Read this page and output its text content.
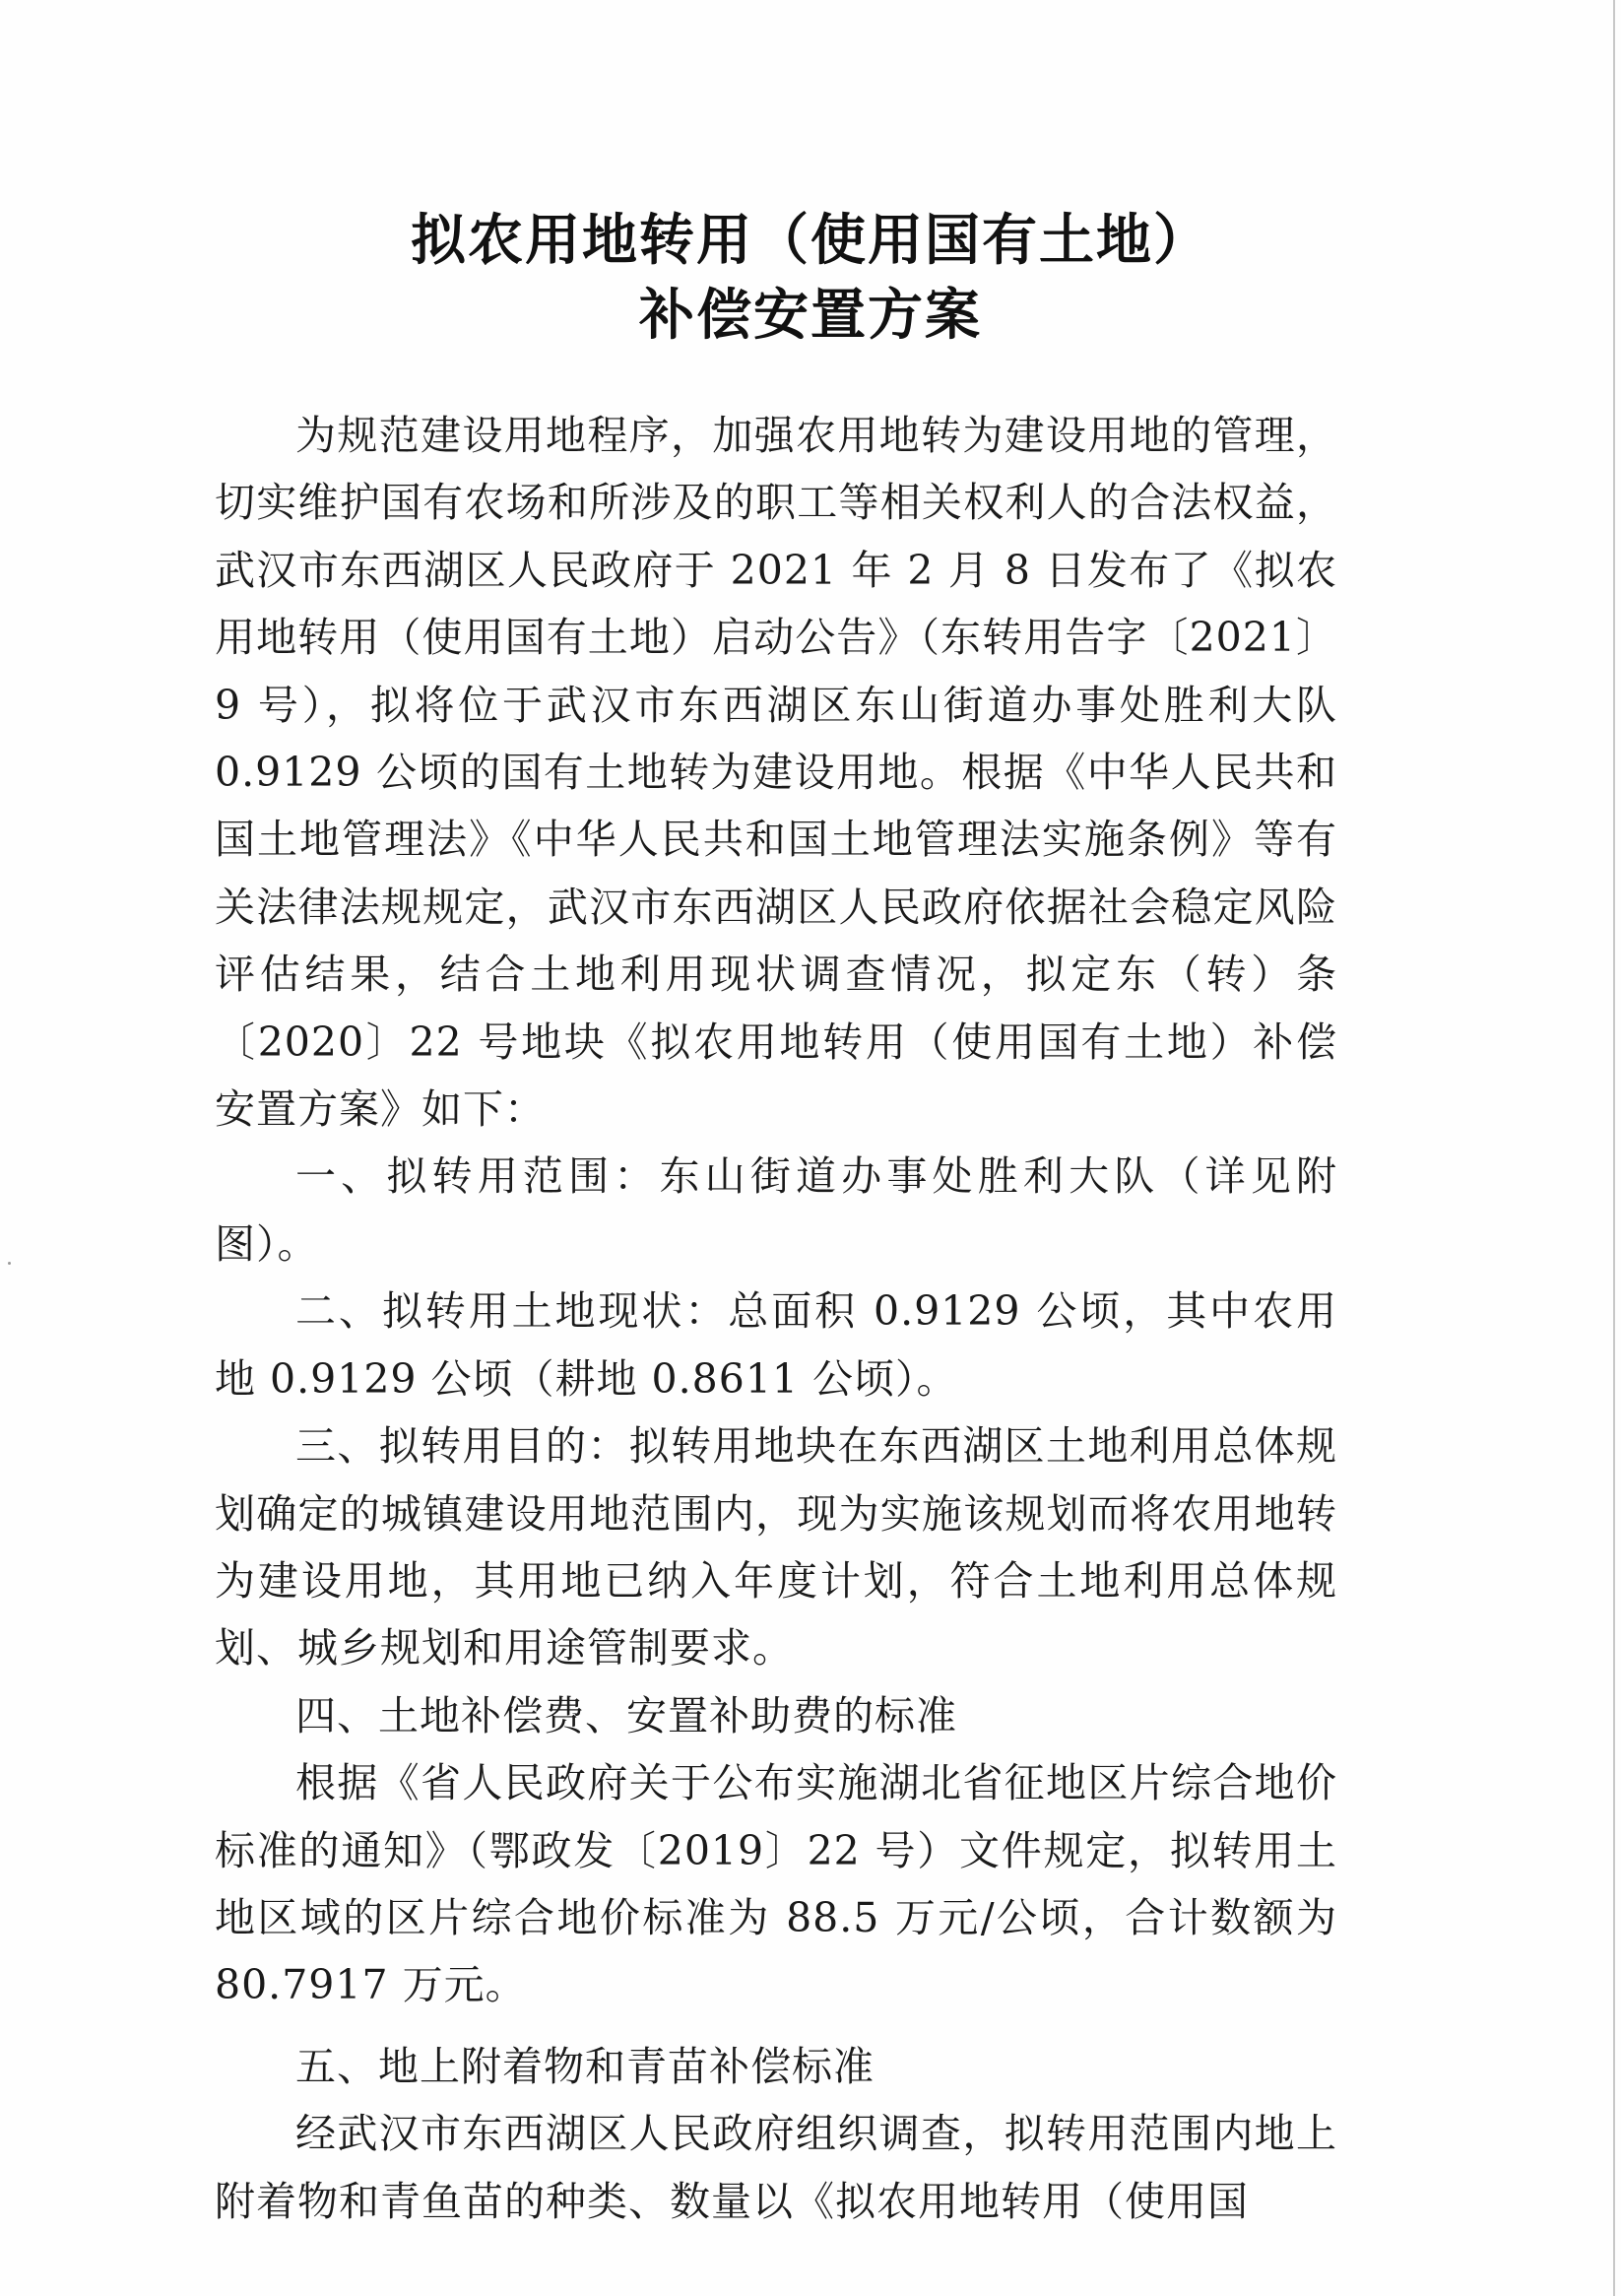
拟农用地转用（使用国有土地）
补偿安置方案

为规范建设用地程序，加强农用地转为建设用地的管理，切实维护国有农场和所涉及的职工等相关权利人的合法权益，武汉市东西湖区人民政府于 2021 年 2 月 8 日发布了《拟农用地转用（使用国有土地）启动公告》（东转用告字〔2021〕9 号），拟将位于武汉市东西湖区东山街道办事处胜利大队 0.9129 公顷的国有土地转为建设用地。根据《中华人民共和国土地管理法》《中华人民共和国土地管理法实施条例》等有关法律法规规定，武汉市东西湖区人民政府依据社会稳定风险评估结果，结合土地利用现状调查情况，拟定东（转）条〔2020〕22 号地块《拟农用地转用（使用国有土地）补偿安置方案》如下：

一、拟转用范围：东山街道办事处胜利大队（详见附图）。

二、拟转用土地现状：总面积 0.9129 公顷，其中农用地 0.9129 公顷（耕地 0.8611 公顷）。

三、拟转用目的：拟转用地块在东西湖区土地利用总体规划确定的城镇建设用地范围内，现为实施该规划而将农用地转为建设用地，其用地已纳入年度计划，符合土地利用总体规划、城乡规划和用途管制要求。

四、土地补偿费、安置补助费的标准

根据《省人民政府关于公布实施湖北省征地区片综合地价标准的通知》（鄂政发〔2019〕22 号）文件规定，拟转用土地区域的区片综合地价标准为 88.5 万元/公顷，合计数额为 80.7917 万元。

五、地上附着物和青苗补偿标准

经武汉市东西湖区人民政府组织调查，拟转用范围内地上附着物和青鱼苗的种类、数量以《拟农用地转用（使用国
